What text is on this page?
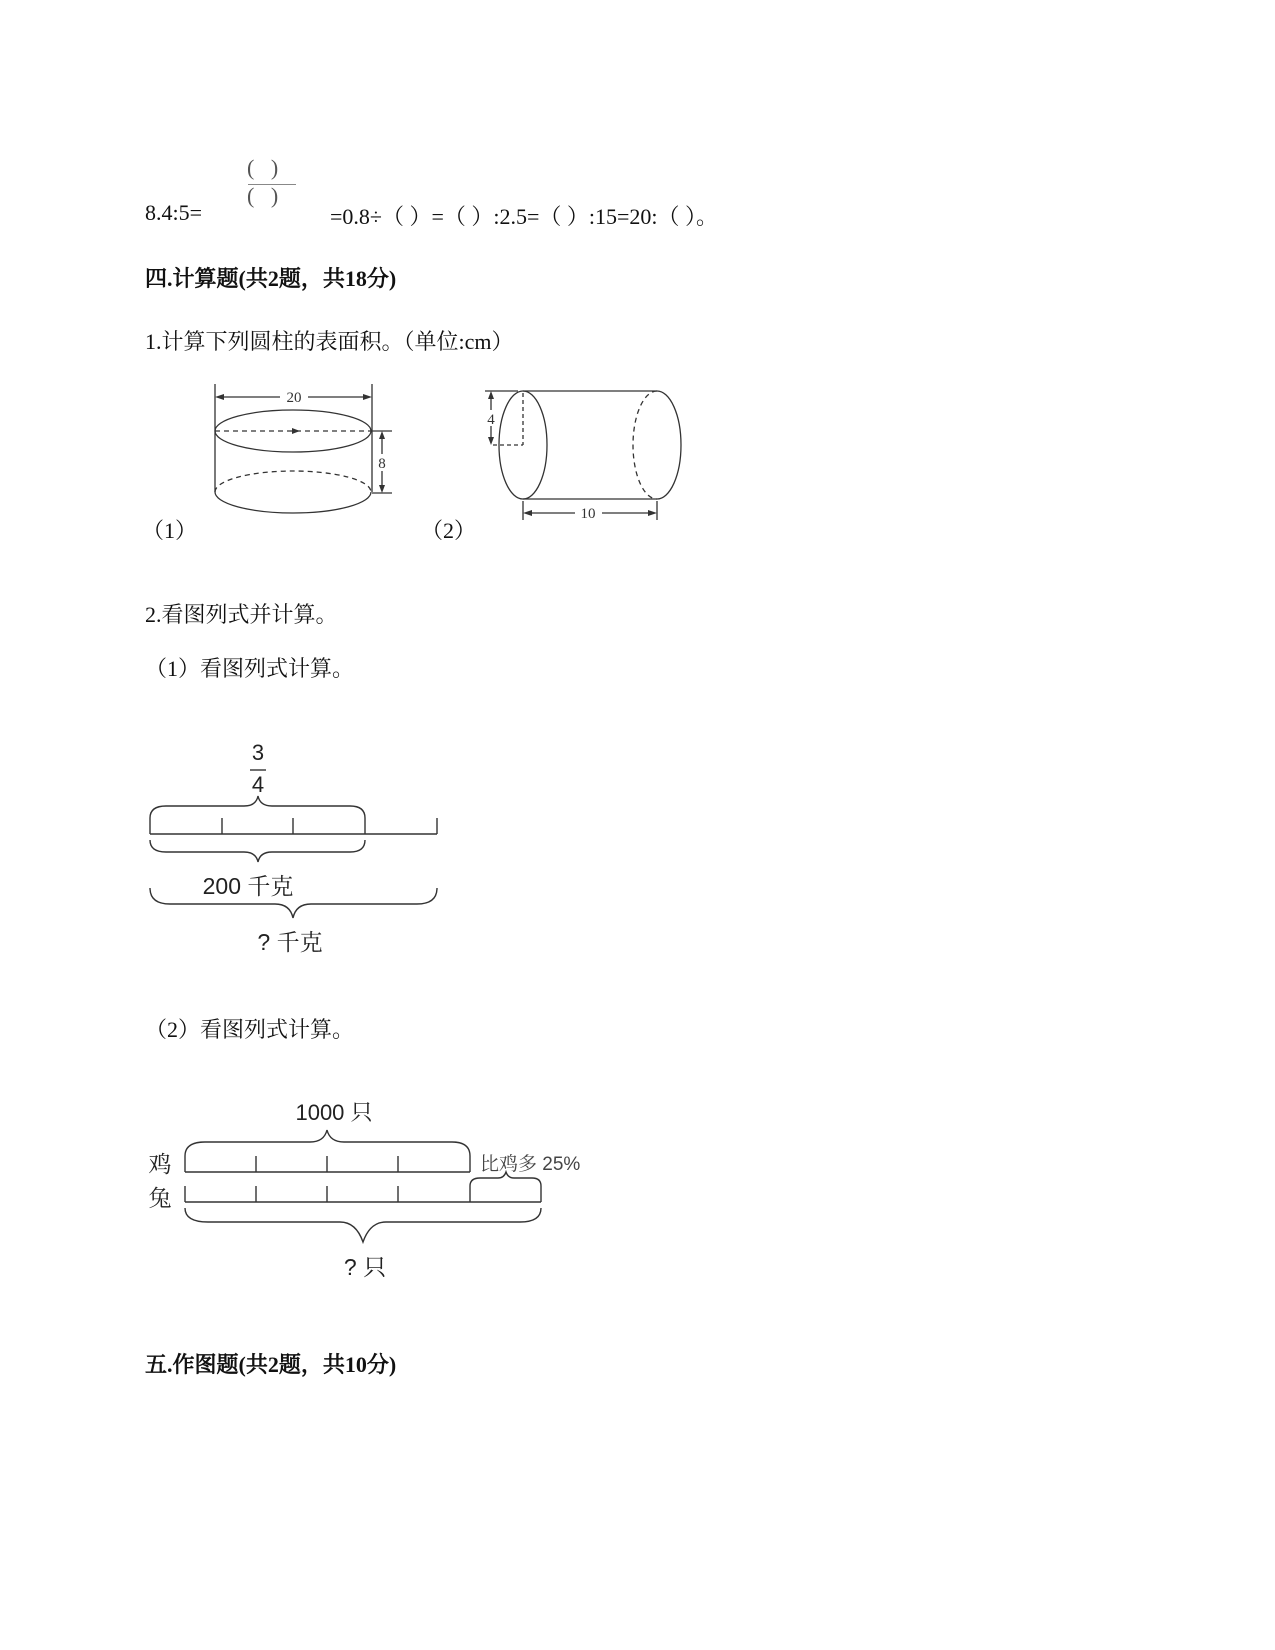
(   )
(   )
8.4:5=	=0.8÷（ ）=（ ）:2.5=（ ）:15=20:（ ）。
四.计算题(共2题，共18分)
1.计算下列圆柱的表面积。（单位:cm）
20
8
（1）
4
10
（2）
2.看图列式并计算。
（1）看图列式计算。
3
4
200 千克
? 千克
（2）看图列式计算。
1000 只
鸡
兔
比鸡多 25%
? 只
五.作图题(共2题，共10分)
